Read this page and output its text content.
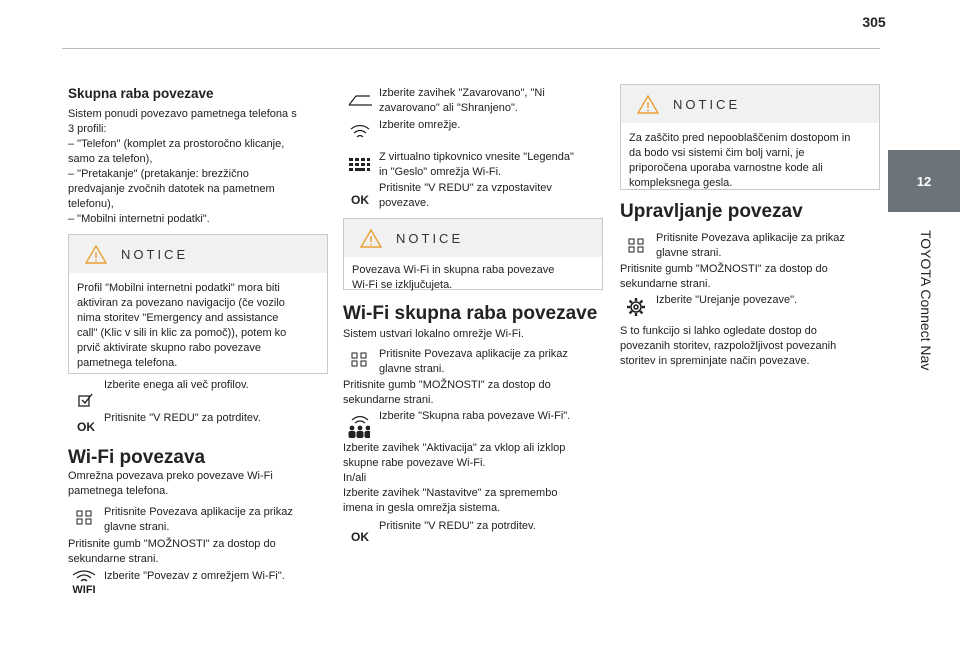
305
12
TOYOTA Connect Nav
Skupna raba povezave

Sistem ponudi povezavo pametnega telefona s

3 profili:

– "Telefon" (komplet za prostoročno klicanje,

samo za telefon),

– "Pretakanje" (pretakanje: brezžično

predvajanje zvočnih datotek na pametnem

telefonu),

– "Mobilni internetni podatki".

NOTICE

Profil "Mobilni internetni podatki" mora biti

aktiviran za povezano navigacijo (če vozilo

nima storitev "Emergency and assistance

call" (Klic v sili in klic za pomoč)), potem ko

prvič aktivirate skupno rabo povezave

pametnega telefona.

Izberite enega ali več profilov.
OK
Pritisnite "V REDU" za potrditev.
Wi-Fi povezava

Omrežna povezava preko povezave Wi-Fi

pametnega telefona.

Pritisnite Povezava aplikacije za prikaz

glavne strani.

Pritisnite gumb "MOŽNOSTI" za dostop do

sekundarne strani.

WIFI
Izberite "Povezav z omrežjem Wi-Fi".

Izberite zavihek "Zavarovano", "Ni

zavarovano" ali "Shranjeno".

Izberite omrežje.

Z virtualno tipkovnico vnesite "Legenda"

in "Geslo" omrežja Wi-Fi.

OK

Pritisnite "V REDU" za vzpostavitev

povezave.

NOTICE

Povezava Wi-Fi in skupna raba povezave

Wi-Fi se izključujeta.

Wi-Fi skupna raba povezave

Sistem ustvari lokalno omrežje Wi-Fi.

Pritisnite Povezava aplikacije za prikaz

glavne strani.

Pritisnite gumb "MOŽNOSTI" za dostop do

sekundarne strani.

Izberite "Skupna raba povezave Wi-Fi".

Izberite zavihek "Aktivacija" za vklop ali izklop

skupne rabe povezave Wi-Fi.

In/ali

Izberite zavihek "Nastavitve" za spremembo

imena in gesla omrežja sistema.

OK
Pritisnite "V REDU" za potrditev.
NOTICE

Za zaščito pred nepooblaščenim dostopom in

da bodo vsi sistemi čim bolj varni, je

priporočena uporaba varnostne kode ali

kompleksnega gesla.

Upravljanje povezav

Pritisnite Povezava aplikacije za prikaz

glavne strani.

Pritisnite gumb "MOŽNOSTI" za dostop do

sekundarne strani.

Izberite "Urejanje povezave".

S to funkcijo si lahko ogledate dostop do

povezanih storitev, razpoložljivost povezanih

storitev in spreminjate način povezave.
